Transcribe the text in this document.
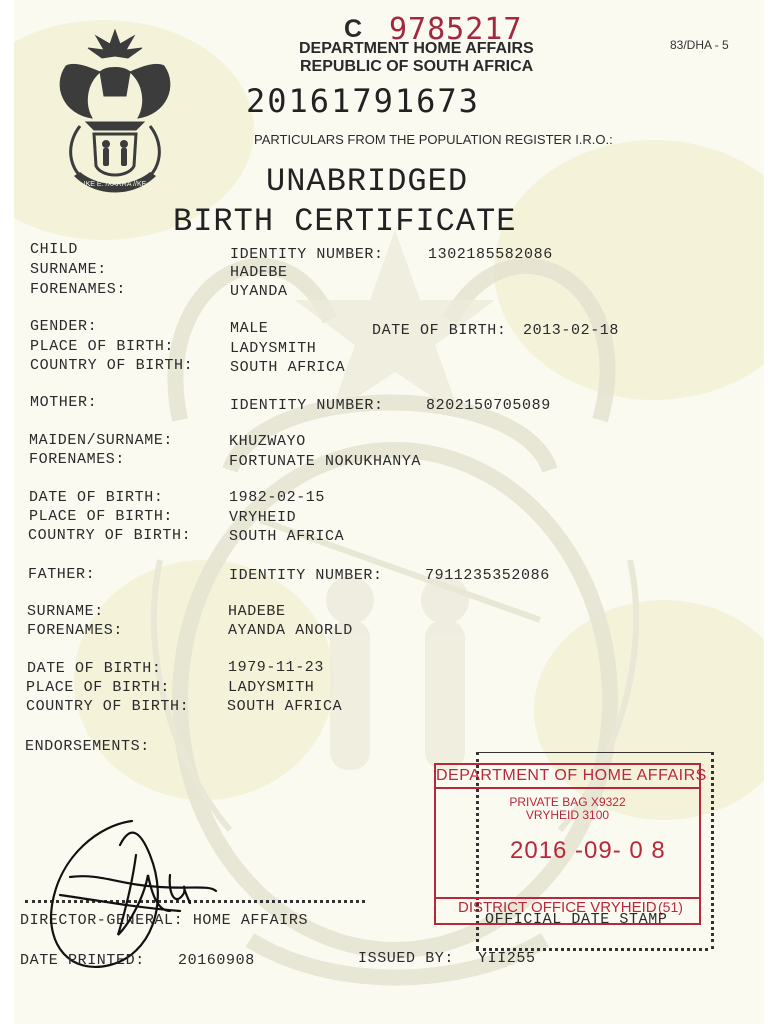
!KE E: /XARRA //KE
C 9785217	83/DHA - 5
DEPARTMENT HOME AFFAIRS
REPUBLIC OF SOUTH AFRICA
20161791673
PARTICULARS FROM THE POPULATION REGISTER I.R.O.:
UNABRIDGED
BIRTH CERTIFICATE
CHILD	IDENTITY NUMBER:	1302185582086
SURNAME:	HADEBE
FORENAMES:	UYANDA
GENDER:	MALE	DATE OF BIRTH: 2013-02-18
PLACE OF BIRTH:	LADYSMITH
COUNTRY OF BIRTH: SOUTH AFRICA
MOTHER:	IDENTITY NUMBER:	8202150705089
MAIDEN/SURNAME:	KHUZWAYO
FORENAMES:	FORTUNATE NOKUKHANYA
DATE OF BIRTH:	1982-02-15
PLACE OF BIRTH:	VRYHEID
COUNTRY OF BIRTH:	SOUTH AFRICA
FATHER:	IDENTITY NUMBER:	7911235352086
SURNAME:	HADEBE
FORENAMES:	AYANDA ANORLD
DATE OF BIRTH:	1979-11-23
PLACE OF BIRTH:	LADYSMITH
COUNTRY OF BIRTH:	SOUTH AFRICA
ENDORSEMENTS:
DEPARTMENT OF HOME AFFAIRS
PRIVATE BAG X9322
VRYHEID 3100
2016 -09- 0 8
DISTRICT OFFICE VRYHEID (51)
OFFICIAL DATE STAMP
DIRECTOR-GENERAL: HOME AFFAIRS
DATE PRINTED: 20160908	ISSUED BY: YII255
